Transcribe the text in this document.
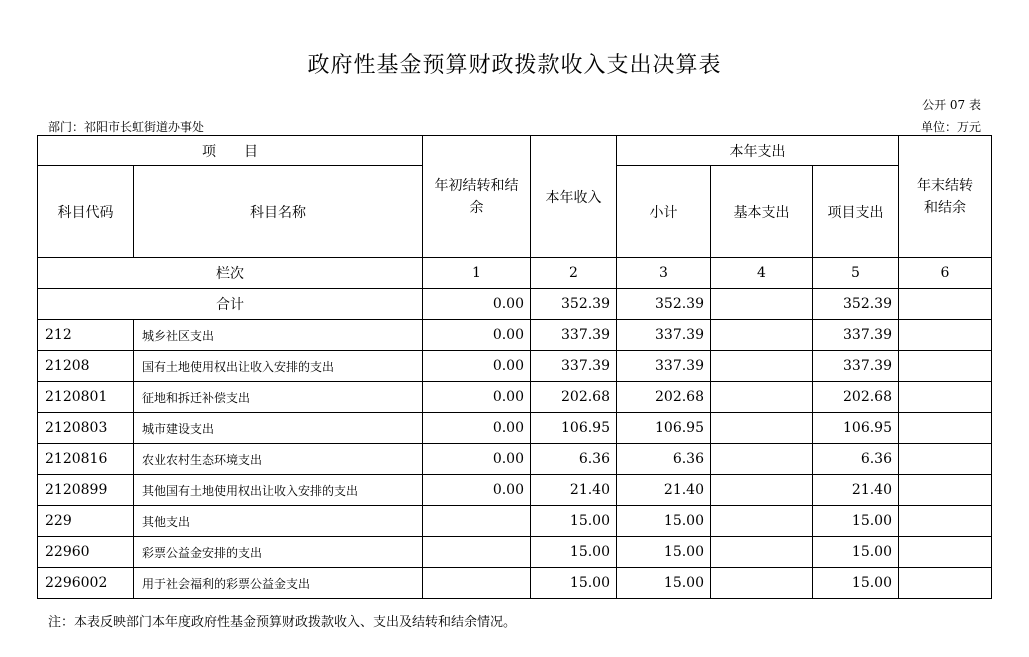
政府性基金预算财政拨款收入支出决算表
公开 07 表
部门：祁阳市长虹街道办事处	单位：万元
项　　目		年初结转和结余	本年收入	本年支出			年末结转和结余
科目代码	科目名称			小计	基本支出	项目支出	
栏次		1	2	3	4	5	6
合计		0.00	352.39	352.39		352.39	
212	城乡社区支出	0.00	337.39	337.39		337.39	
21208	国有土地使用权出让收入安排的支出	0.00	337.39	337.39		337.39	
2120801	征地和拆迁补偿支出	0.00	202.68	202.68		202.68	
2120803	城市建设支出	0.00	106.95	106.95		106.95	
2120816	农业农村生态环境支出	0.00	6.36	6.36		6.36	
2120899	其他国有土地使用权出让收入安排的支出	0.00	21.40	21.40		21.40	
229	其他支出		15.00	15.00		15.00	
22960	彩票公益金安排的支出		15.00	15.00		15.00	
2296002	用于社会福利的彩票公益金支出		15.00	15.00		15.00	
注：本表反映部门本年度政府性基金预算财政拨款收入、支出及结转和结余情况。
